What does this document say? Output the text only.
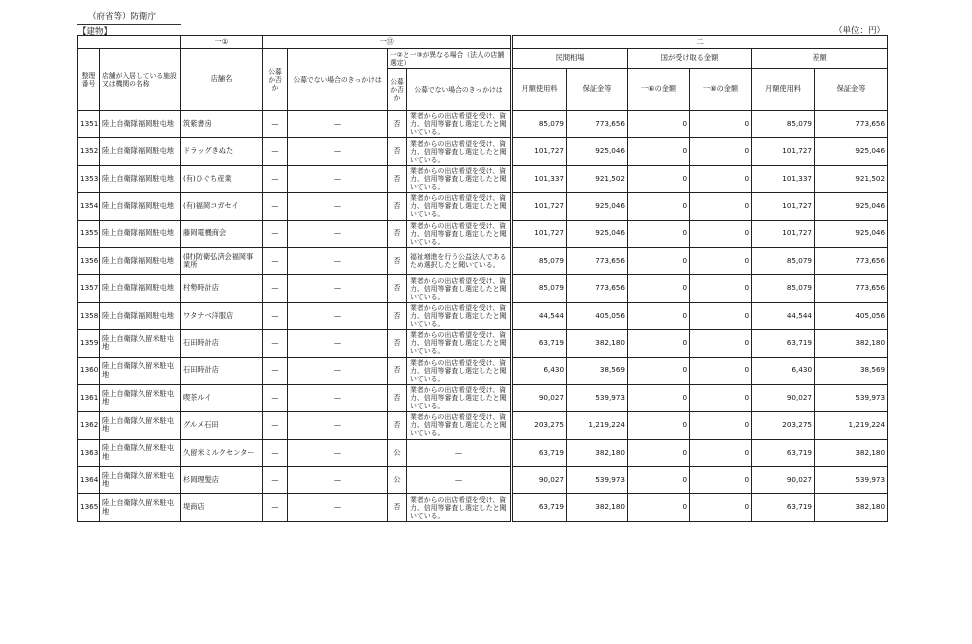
（府省等）防衛庁
【建物】	（単位：円）
		一①	一⑬				二					
整理番号	店舗が入居している施設又は機関の名称	店舗名	公募か否か	公募でない場合のきっかけは	一②と一③が異なる場合（法人の店舗選定）		民間相場		国が受け取る金額		差額	
					公募か否か	公募でない場合のきっかけは	月額使用料	保証金等	一⑥の金額	一⑧の金額	月額使用料	保証金等
1351	陸上自衛隊福岡駐屯地	筑紫書房	—	—	否	業者からの出店希望を受け、資力、信用等審査し選定したと聞いている。	85,079	773,656	0	0	85,079	773,656
1352	陸上自衛隊福岡駐屯地	ドラッグきぬた	—	—	否	業者からの出店希望を受け、資力、信用等審査し選定したと聞いている。	101,727	925,046	0	0	101,727	925,046
1353	陸上自衛隊福岡駐屯地	(有)ひぐち産業	—	—	否	業者からの出店希望を受け、資力、信用等審査し選定したと聞いている。	101,337	921,502	0	0	101,337	921,502
1354	陸上自衛隊福岡駐屯地	(有)福岡コガセイ	—	—	否	業者からの出店希望を受け、資力、信用等審査し選定したと聞いている。	101,727	925,046	0	0	101,727	925,046
1355	陸上自衛隊福岡駐屯地	藤岡電機商会	—	—	否	業者からの出店希望を受け、資力、信用等審査し選定したと聞いている。	101,727	925,046	0	0	101,727	925,046
1356	陸上自衛隊福岡駐屯地	(財)防衛弘済会福岡事業所	—	—	否	福祉増進を行う公益法人であるため選択したと聞いている。	85,079	773,656	0	0	85,079	773,656
1357	陸上自衛隊福岡駐屯地	村勢時計店	—	—	否	業者からの出店希望を受け、資力、信用等審査し選定したと聞いている。	85,079	773,656	0	0	85,079	773,656
1358	陸上自衛隊福岡駐屯地	ワタナベ洋服店	—	—	否	業者からの出店希望を受け、資力、信用等審査し選定したと聞いている。	44,544	405,056	0	0	44,544	405,056
1359	陸上自衛隊久留米駐屯地	石田時計店	—	—	否	業者からの出店希望を受け、資力、信用等審査し選定したと聞いている。	63,719	382,180	0	0	63,719	382,180
1360	陸上自衛隊久留米駐屯地	石田時計店	—	—	否	業者からの出店希望を受け、資力、信用等審査し選定したと聞いている。	6,430	38,569	0	0	6,430	38,569
1361	陸上自衛隊久留米駐屯地	喫茶ルイ	—	—	否	業者からの出店希望を受け、資力、信用等審査し選定したと聞いている。	90,027	539,973	0	0	90,027	539,973
1362	陸上自衛隊久留米駐屯地	グルメ石田	—	—	否	業者からの出店希望を受け、資力、信用等審査し選定したと聞いている。	203,275	1,219,224	0	0	203,275	1,219,224
1363	陸上自衛隊久留米駐屯地	久留米ミルクセンター	—	—	公	—	63,719	382,180	0	0	63,719	382,180
1364	陸上自衛隊久留米駐屯地	杉岡理髪店	—	—	公	—	90,027	539,973	0	0	90,027	539,973
1365	陸上自衛隊久留米駐屯地	堤商店	—	—	否	業者からの出店希望を受け、資力、信用等審査し選定したと聞いている。	63,719	382,180	0	0	63,719	382,180
